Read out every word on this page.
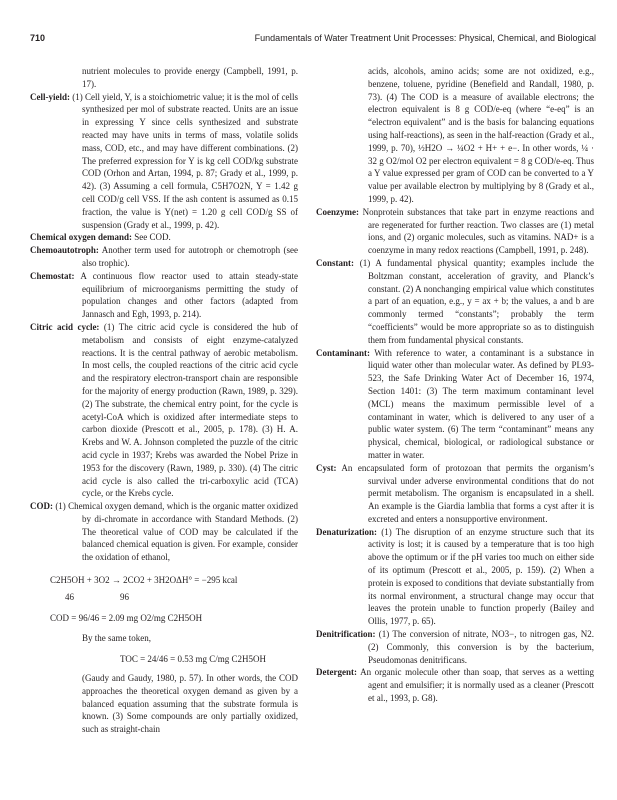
710	Fundamentals of Water Treatment Unit Processes: Physical, Chemical, and Biological

nutrient molecules to provide energy (Campbell, 1991, p. 17).

Cell-yield: (1) Cell yield, Y, is a stoichiometric value; it is the mol of cells synthesized per mol of substrate reacted. Units are an issue in expressing Y since cells synthesized and substrate reacted may have units in terms of mass, volatile solids mass, COD, etc., and may have different combinations. (2) The preferred expression for Y is kg cell COD/kg substrate COD (Orhon and Artan, 1994, p. 87; Grady et al., 1999, p. 42). (3) Assuming a cell formula, C5H7O2N, Y = 1.42 g cell COD/g cell VSS. If the ash content is assumed as 0.15 fraction, the value is Y(net) = 1.20 g cell COD/g SS of suspension (Grady et al., 1999, p. 42).

Chemical oxygen demand: See COD.

Chemoautotroph: Another term used for autotroph or chemotroph (see also trophic).

Chemostat: A continuous flow reactor used to attain steady-state equilibrium of microorganisms permitting the study of population changes and other factors (adapted from Jannasch and Egh, 1993, p. 214).

Citric acid cycle: (1) The citric acid cycle is considered the hub of metabolism and consists of eight enzyme-catalyzed reactions. It is the central pathway of aerobic metabolism. In most cells, the coupled reactions of the citric acid cycle and the respiratory electron-transport chain are responsible for the majority of energy production (Rawn, 1989, p. 329). (2) The substrate, the chemical entry point, for the cycle is acetyl-CoA which is oxidized after intermediate steps to carbon dioxide (Prescott et al., 2005, p. 178). (3) H. A. Krebs and W. A. Johnson completed the puzzle of the citric acid cycle in 1937; Krebs was awarded the Nobel Prize in 1953 for the discovery (Rawn, 1989, p. 330). (4) The citric acid cycle is also called the tri-carboxylic acid (TCA) cycle, or the Krebs cycle.

COD: (1) Chemical oxygen demand, which is the organic matter oxidized by di-chromate in accordance with Standard Methods. (2) The theoretical value of COD may be calculated if the balanced chemical equation is given. For example, consider the oxidation of ethanol,

C2H5OH + 3O2 → 2CO2 + 3H2OΔH° = −295 kcal

46	96

COD = 96/46 = 2.09 mg O2/mg C2H5OH

By the same token,

TOC = 24/46 = 0.53 mg C/mg C2H5OH

(Gaudy and Gaudy, 1980, p. 57). In other words, the COD approaches the theoretical oxygen demand as given by a balanced equation assuming that the substrate formula is known. (3) Some compounds are only partially oxidized, such as straight-chain

acids, alcohols, amino acids; some are not oxidized, e.g., benzene, toluene, pyridine (Benefield and Randall, 1980, p. 73). (4) The COD is a measure of available electrons; the electron equivalent is 8 g COD/e-eq (where “e-eq” is an “electron equivalent” and is the basis for balancing equations using half-reactions), as seen in the half-reaction (Grady et al., 1999, p. 70), ½H2O → ¼O2 + H+ + e−. In other words, ¼ · 32 g O2/mol O2 per electron equivalent = 8 g COD/e-eq. Thus a Y value expressed per gram of COD can be converted to a Y value per available electron by multiplying by 8 (Grady et al., 1999, p. 42).

Coenzyme: Nonprotein substances that take part in enzyme reactions and are regenerated for further reaction. Two classes are (1) metal ions, and (2) organic molecules, such as vitamins. NAD+ is a coenzyme in many redox reactions (Campbell, 1991, p. 248).

Constant: (1) A fundamental physical quantity; examples include the Boltzman constant, acceleration of gravity, and Planck’s constant. (2) A nonchanging empirical value which constitutes a part of an equation, e.g., y = ax + b; the values, a and b are commonly termed “constants”; probably the term “coefficients” would be more appropriate so as to distinguish them from fundamental physical constants.

Contaminant: With reference to water, a contaminant is a substance in liquid water other than molecular water. As defined by PL93-523, the Safe Drinking Water Act of December 16, 1974, Section 1401: (3) The term maximum contaminant level (MCL) means the maximum permissible level of a contaminant in water, which is delivered to any user of a public water system. (6) The term “contaminant” means any physical, chemical, biological, or radiological substance or matter in water.

Cyst: An encapsulated form of protozoan that permits the organism’s survival under adverse environmental conditions that do not permit metabolism. The organism is encapsulated in a shell. An example is the Giardia lamblia that forms a cyst after it is excreted and enters a nonsupportive environment.

Denaturization: (1) The disruption of an enzyme structure such that its activity is lost; it is caused by a temperature that is too high above the optimum or if the pH varies too much on either side of its optimum (Prescott et al., 2005, p. 159). (2) When a protein is exposed to conditions that deviate substantially from its normal environment, a structural change may occur that leaves the protein unable to function properly (Bailey and Ollis, 1977, p. 65).

Denitrification: (1) The conversion of nitrate, NO3−, to nitrogen gas, N2. (2) Commonly, this conversion is by the bacterium, Pseudomonas denitrificans.

Detergent: An organic molecule other than soap, that serves as a wetting agent and emulsifier; it is normally used as a cleaner (Prescott et al., 1993, p. G8).
